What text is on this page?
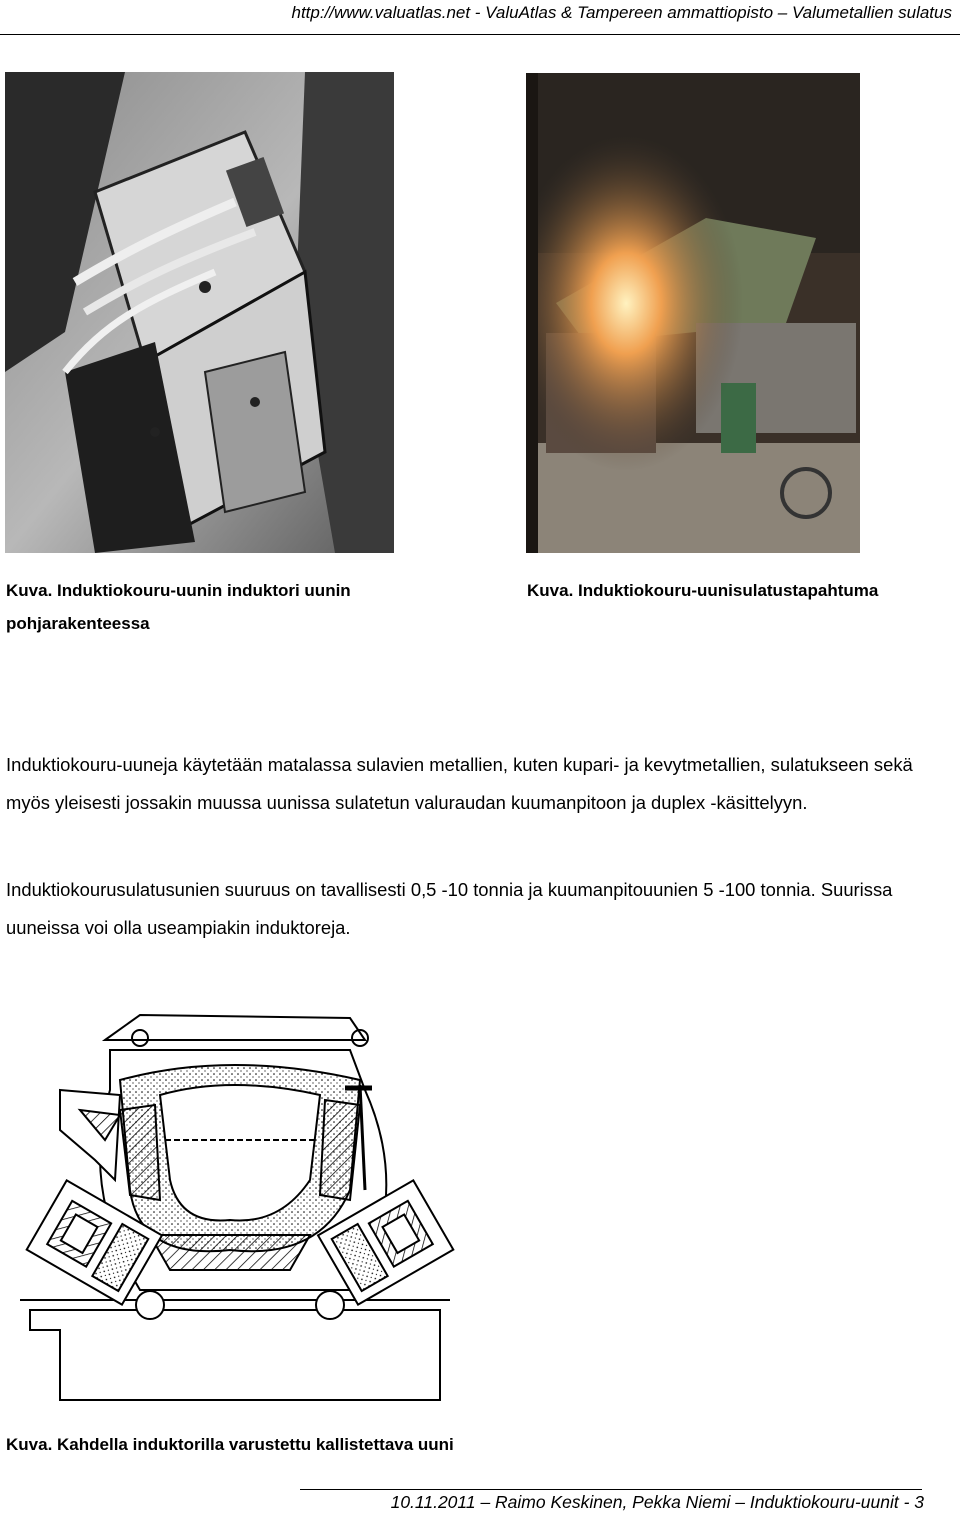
http://www.valuatlas.net - ValuAtlas & Tampereen ammattiopisto – Valumetallien sulatus
Kuva. Induktiokouru-uunin induktori uunin pohjarakenteessa
Kuva. Induktiokouru-uunisulatustapahtuma

Induktiokouru-uuneja käytetään matalassa sulavien metallien, kuten kupari- ja kevytmetallien, sulatukseen sekä myös yleisesti jossakin muussa uunissa sulatetun valuraudan kuumanpitoon ja duplex -käsittelyyn.

Induktiokourusulatusunien suuruus on tavallisesti 0,5 -10 tonnia ja kuumanpitouunien 5 -100 tonnia. Suurissa uuneissa voi olla useampiakin induktoreja.

Kuva. Kahdella induktorilla varustettu kallistettava uuni
10.11.2011 – Raimo Keskinen, Pekka Niemi – Induktiokouru-uunit - 3
